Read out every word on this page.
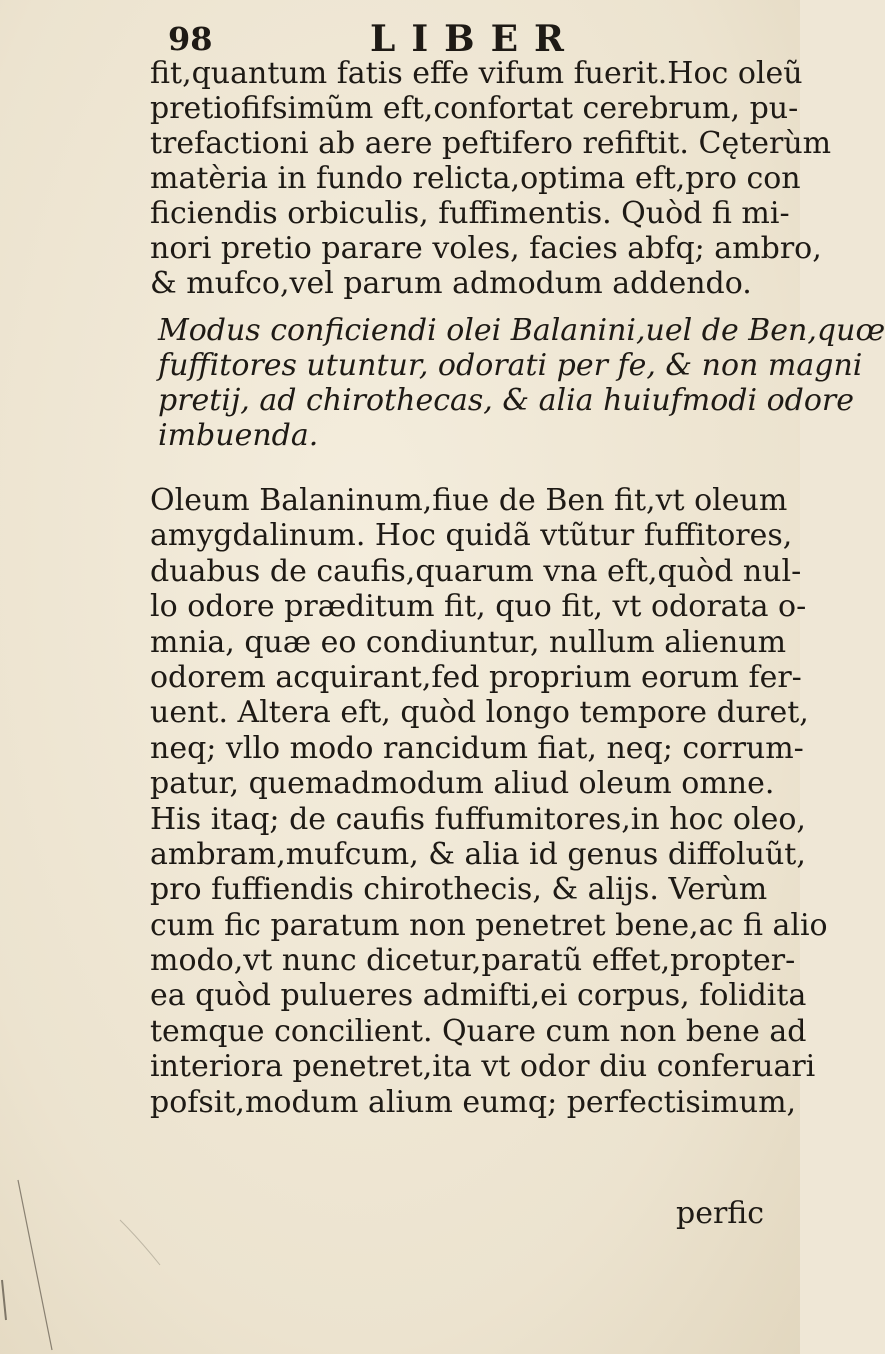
98	LIBER
fit,quantum fatis effe vifum fuerit.Hoc oleũ
pretiofifsimũm eft,confortat cerebrum, pu-
trefactioni ab aere peftifero refiftit. Cęterùm
matèria in fundo relicta,optima eft,pro con
ficiendis orbiculis, fuffimentis. Quòd fi mi-
nori pretio parare voles, facies abfq; ambro,
& mufco,vel parum admodum addendo.
Modus conficiendi olei Balanini,uel de Ben,quœ
fuffitores utuntur, odorati per fe, & non magni
pretij, ad chirothecas, & alia huiufmodi odore
imbuenda.
Oleum Balaninum,fiue de Ben fit,vt oleum
amygdalinum. Hoc quidã vtũtur fuffitores,
duabus de caufis,quarum vna eft,quòd nul-
lo odore præditum fit, quo fit, vt odorata o-
mnia, quæ eo condiuntur, nullum alienum
odorem acquirant,fed proprium eorum fer-
uent. Altera eft, quòd longo tempore duret,
neq; vllo modo rancidum fiat, neq; corrum-
patur, quemadmodum aliud oleum omne.
His itaq; de caufis fuffumitores,in hoc oleo,
ambram,mufcum, & alia id genus diffoluũt,
pro fuffiendis chirothecis, & alijs. Verùm
cum fic paratum non penetret bene,ac fi alio
modo,vt nunc dicetur,paratũ effet,propter-
ea quòd pulueres admifti,ei corpus, folidita
temque concilient. Quare cum non bene ad
interiora penetret,ita vt odor diu conferuari
pofsit,modum alium eumq; perfectisimum,
perfic
